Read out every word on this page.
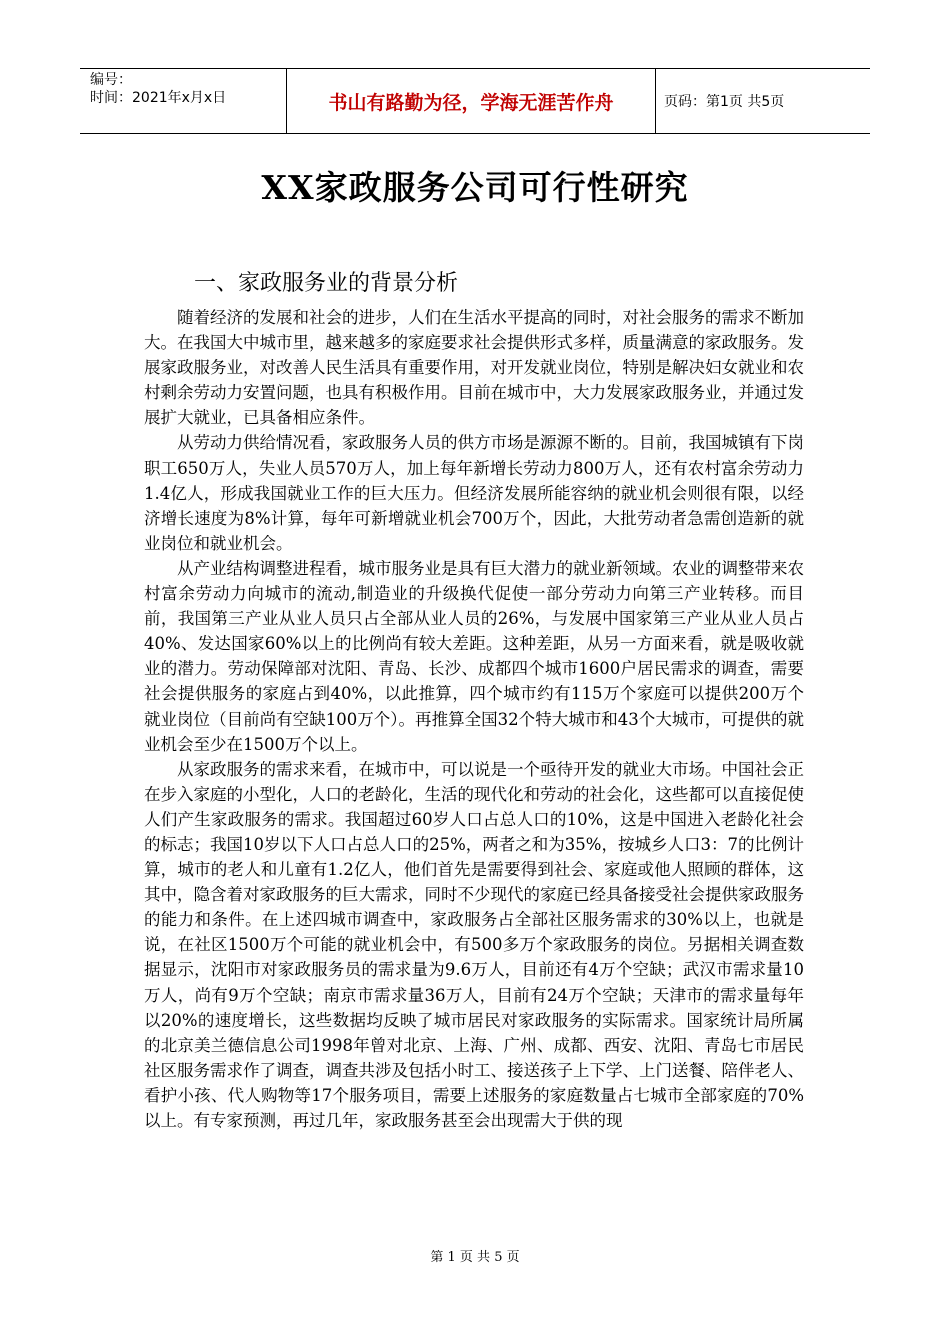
编号：
时间：2021年x月x日	书山有路勤为径，学海无涯苦作舟	页码：第1页 共5页
XX家政服务公司可行性研究
一、家政服务业的背景分析

随着经济的发展和社会的进步，人们在生活水平提高的同时，对社会服务的需求不断加大。在我国大中城市里，越来越多的家庭要求社会提供形式多样，质量满意的家政服务。发展家政服务业，对改善人民生活具有重要作用，对开发就业岗位，特别是解决妇女就业和农村剩余劳动力安置问题，也具有积极作用。目前在城市中，大力发展家政服务业，并通过发展扩大就业，已具备相应条件。

从劳动力供给情况看，家政服务人员的供方市场是源源不断的。目前，我国城镇有下岗职工650万人，失业人员570万人，加上每年新增长劳动力800万人，还有农村富余劳动力1.4亿人，形成我国就业工作的巨大压力。但经济发展所能容纳的就业机会则很有限，以经济增长速度为8%计算，每年可新增就业机会700万个，因此，大批劳动者急需创造新的就业岗位和就业机会。

从产业结构调整进程看，城市服务业是具有巨大潜力的就业新领域。农业的调整带来农村富余劳动力向城市的流动,制造业的升级换代促使一部分劳动力向第三产业转移。而目前，我国第三产业从业人员只占全部从业人员的26%，与发展中国家第三产业从业人员占40%、发达国家60%以上的比例尚有较大差距。这种差距，从另一方面来看，就是吸收就业的潜力。劳动保障部对沈阳、青岛、长沙、成都四个城市1600户居民需求的调查，需要社会提供服务的家庭占到40%，以此推算，四个城市约有115万个家庭可以提供200万个就业岗位（目前尚有空缺100万个）。再推算全国32个特大城市和43个大城市，可提供的就业机会至少在1500万个以上。

从家政服务的需求来看，在城市中，可以说是一个亟待开发的就业大市场。中国社会正在步入家庭的小型化，人口的老龄化，生活的现代化和劳动的社会化，这些都可以直接促使人们产生家政服务的需求。我国超过60岁人口占总人口的10%，这是中国进入老龄化社会的标志；我国10岁以下人口占总人口的25%，两者之和为35%，按城乡人口3：7的比例计算，城市的老人和儿童有1.2亿人，他们首先是需要得到社会、家庭或他人照顾的群体，这其中，隐含着对家政服务的巨大需求，同时不少现代的家庭已经具备接受社会提供家政服务的能力和条件。在上述四城市调查中，家政服务占全部社区服务需求的30%以上，也就是说，在社区1500万个可能的就业机会中，有500多万个家政服务的岗位。另据相关调查数据显示，沈阳市对家政服务员的需求量为9.6万人，目前还有4万个空缺；武汉市需求量10万人，尚有9万个空缺；南京市需求量36万人，目前有24万个空缺；天津市的需求量每年以20%的速度增长，这些数据均反映了城市居民对家政服务的实际需求。国家统计局所属的北京美兰德信息公司1998年曾对北京、上海、广州、成都、西安、沈阳、青岛七市居民社区服务需求作了调查，调查共涉及包括小时工、接送孩子上下学、上门送餐、陪伴老人、看护小孩、代人购物等17个服务项目，需要上述服务的家庭数量占七城市全部家庭的70%以上。有专家预测，再过几年，家政服务甚至会出现需大于供的现

第 1 页 共 5 页
